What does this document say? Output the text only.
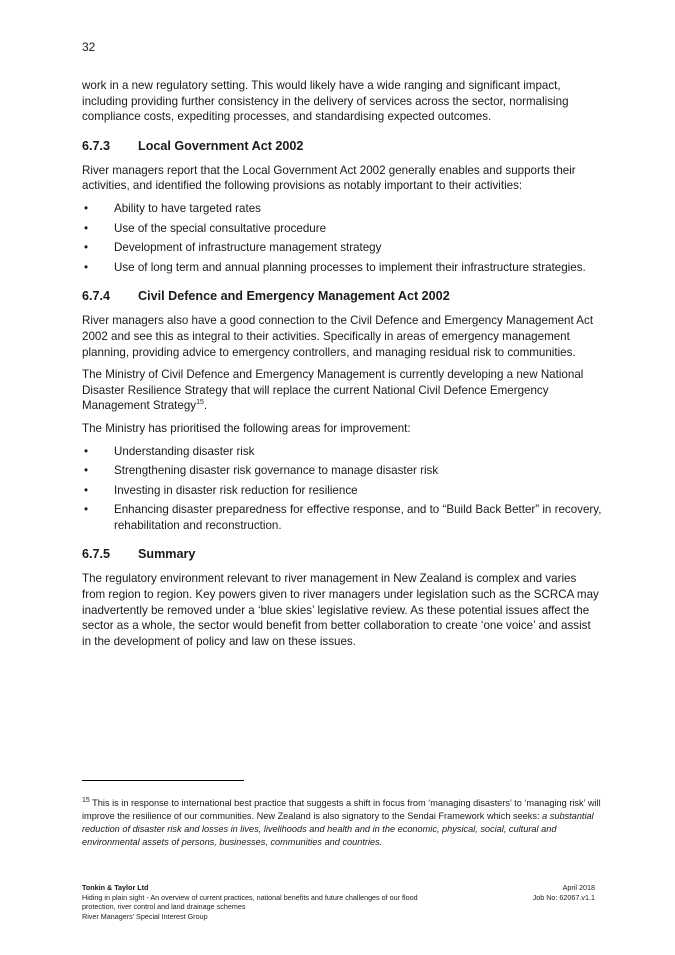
32

work in a new regulatory setting. This would likely have a wide ranging and significant impact, including providing further consistency in the delivery of services across the sector, normalising compliance costs, expediting processes, and standardising expected outcomes.

6.7.3	Local Government Act 2002

River managers report that the Local Government Act 2002 generally enables and supports their activities, and identified the following provisions as notably important to their activities:

• Ability to have targeted rates
• Use of the special consultative procedure
• Development of infrastructure management strategy
• Use of long term and annual planning processes to implement their infrastructure strategies.
6.7.4	Civil Defence and Emergency Management Act 2002

River managers also have a good connection to the Civil Defence and Emergency Management Act 2002 and see this as integral to their activities. Specifically in areas of emergency management planning, providing advice to emergency controllers, and managing residual risk to communities.

The Ministry of Civil Defence and Emergency Management is currently developing a new National Disaster Resilience Strategy that will replace the current National Civil Defence Emergency Management Strategy$^{15}$.

The Ministry has prioritised the following areas for improvement:

• Understanding disaster risk
• Strengthening disaster risk governance to manage disaster risk
• Investing in disaster risk reduction for resilience
• Enhancing disaster preparedness for effective response, and to “Build Back Better” in recovery, rehabilitation and reconstruction.
6.7.5	Summary

The regulatory environment relevant to river management in New Zealand is complex and varies from region to region. Key powers given to river managers under legislation such as the SCRCA may inadvertently be removed under a ‘blue skies’ legislative review. As these potential issues affect the sector as a whole, the sector would benefit from better collaboration to create ‘one voice’ and assist in the development of policy and law on these issues.

$^{15}$ This is in response to international best practice that suggests a shift in focus from ‘managing disasters’ to ‘managing risk’ will improve the resilience of our communities. New Zealand is also signatory to the Sendai Framework which seeks: a substantial reduction of disaster risk and losses in lives, livelihoods and health and in the economic, physical, social, cultural and environmental assets of persons, businesses, communities and countries.
Tonkin & Taylor Ltd
Hiding in plain sight - An overview of current practices, national benefits and future challenges of our flood protection, river control and land drainage schemes
River Managers’ Special Interest Group
April 2018
Job No: 62067.v1.1
